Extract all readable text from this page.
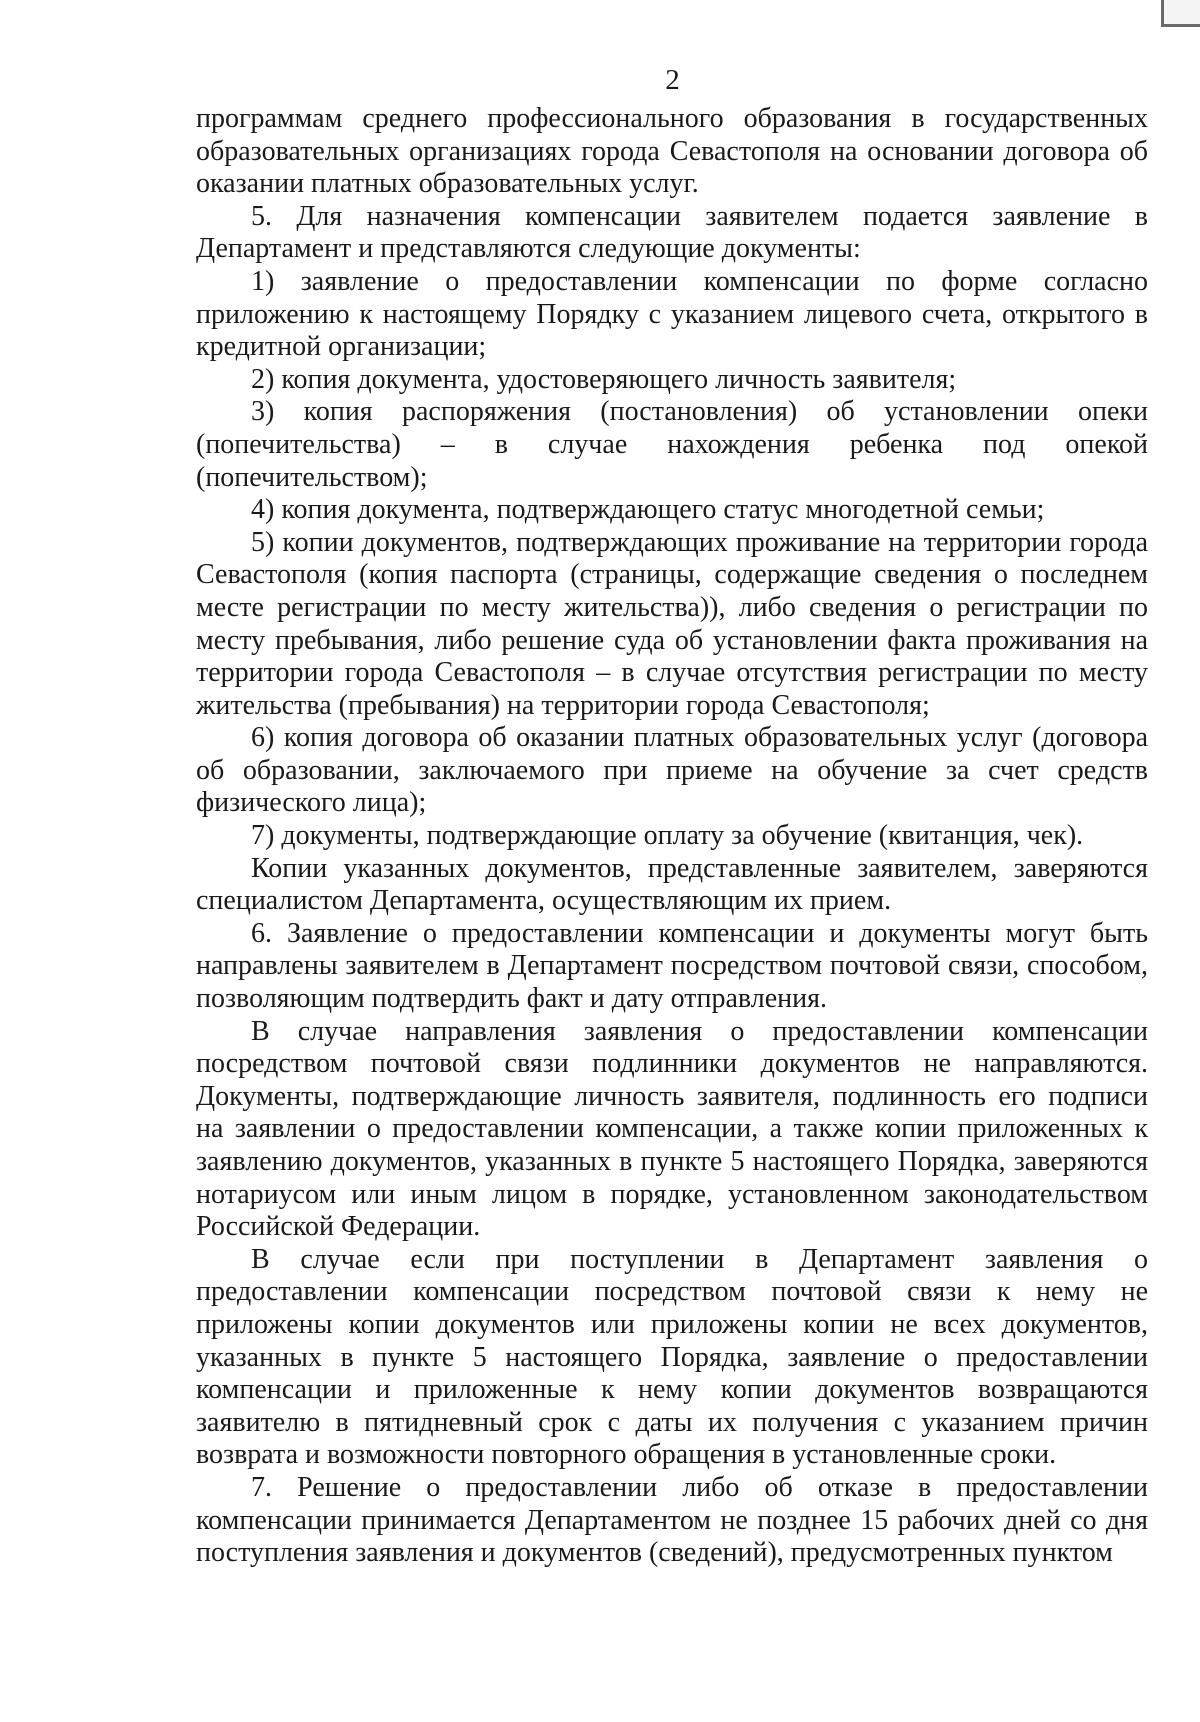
2

программам среднего профессионального образования в государственных образовательных организациях города Севастополя на основании договора об оказании платных образовательных услуг.

5. Для назначения компенсации заявителем подается заявление в Департамент и представляются следующие документы:

1) заявление о предоставлении компенсации по форме согласно приложению к настоящему Порядку с указанием лицевого счета, открытого в кредитной организации;

2) копия документа, удостоверяющего личность заявителя;

3) копия распоряжения (постановления) об установлении опеки (попечительства) – в случае нахождения ребенка под опекой (попечительством);

4) копия документа, подтверждающего статус многодетной семьи;

5) копии документов, подтверждающих проживание на территории города Севастополя (копия паспорта (страницы, содержащие сведения о последнем месте регистрации по месту жительства)), либо сведения о регистрации по месту пребывания, либо решение суда об установлении факта проживания на территории города Севастополя – в случае отсутствия регистрации по месту жительства (пребывания) на территории города Севастополя;

6) копия договора об оказании платных образовательных услуг (договора об образовании, заключаемого при приеме на обучение за счет средств физического лица);

7) документы, подтверждающие оплату за обучение (квитанция, чек).

Копии указанных документов, представленные заявителем, заверяются специалистом Департамента, осуществляющим их прием.

6. Заявление о предоставлении компенсации и документы могут быть направлены заявителем в Департамент посредством почтовой связи, способом, позволяющим подтвердить факт и дату отправления.

В случае направления заявления о предоставлении компенсации посредством почтовой связи подлинники документов не направляются. Документы, подтверждающие личность заявителя, подлинность его подписи на заявлении о предоставлении компенсации, а также копии приложенных к заявлению документов, указанных в пункте 5 настоящего Порядка, заверяются нотариусом или иным лицом в порядке, установленном законодательством Российской Федерации.

В случае если при поступлении в Департамент заявления о предоставлении компенсации посредством почтовой связи к нему не приложены копии документов или приложены копии не всех документов, указанных в пункте 5 настоящего Порядка, заявление о предоставлении компенсации и приложенные к нему копии документов возвращаются заявителю в пятидневный срок с даты их получения с указанием причин возврата и возможности повторного обращения в установленные сроки.

7. Решение о предоставлении либо об отказе в предоставлении компенсации принимается Департаментом не позднее 15 рабочих дней со дня поступления заявления и документов (сведений), предусмотренных пунктом
